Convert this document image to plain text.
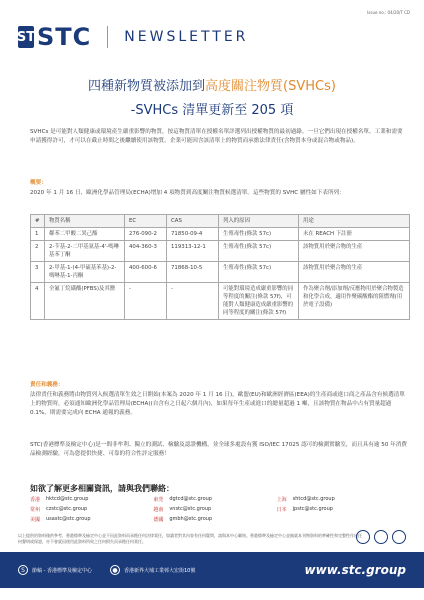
Issue no.: 04/20/T CD
ST STC NEWSLETTER
四種新物質被添加到高度關注物質(SVHCs)
-SVHCs 清單更新至 205 項
SVHCs 是可能對人類健康或環境產生嚴重影響的物質，按這物質清單在授權名單評選列出授權物質的最初過錄。一旦它們出現在授權名單，工業和需要申請獲得許可，才可以在截止時間之後繼續使用該物質。企業可能因含該清單上的物質而承擔法律責任(含物質本身或混合物或物品)。
概要：
2020 年 1 月 16 日，歐洲化學品管理局(ECHA)增加 4 項物質到高度關注物質候選清單。這些物質的 SVHC 屬性如下表所列：
#	物質名稱	EC	CAS	列入的原因	用途
1	鄰苯二甲酸二異己酯	276-090-2	71850-09-4	生殖毒性(條款 57c)	未在 REACH 下註冊
2	2-苄基-2-二甲基氨基-4'-嗎啉基苯丁酮	404-360-3	119313-12-1	生殖毒性(條款 57c)	該物質用於聚合物的生產
3	2-甲基-1-(4-甲硫基苯基)-2-嗎啉基-1-丙酮	400-600-6	71868-10-5	生殖毒性(條款 57c)	該物質用於聚合物的生產
4	全氟丁烷磺酸(PFBS)及其鹽	-	-	可能對環境造成嚴重影響的同等程度的關注(條款 57f)，可能對人類健康造成嚴重影響的同等程度的關注(條款 57f)	作為聚合劑/添加劑/反應物用於聚合物製造和化學合成，適用作聚碳酸酯的阻燃劑(用於電子設備)
責任和義務：
法律責任和義務將由物質列入候選清單生效之日開始(本案為 2020 年 1 月 16 日)，歐盟(EU)和歐洲經濟區(EEA)的生產商或進口商之產品含有候選清單上的物質時，必須通知歐洲化學品管理局(ECHA)(自含有之日起六個月內)，如果每年生產或進口的總量超過 1 噸，且該物質在物品中占有質量超過 0.1%，則需要完成向 ECHA 通報的義務。
STC(香港標準及檢定中心)是一間非牟利、獨立的測試、檢驗及認證機構，並全球多處設有獲 ISO/IEC 17025 認可的檢測實驗室，而且具有逾 50 年消費品檢測經驗，可為您提供快捷、可靠的符合性評定服務！
如欲了解更多相關資訊，請與我們聯絡：
香港	hktcd@stc.group	東莞	dgtcd@stc.group	上海	shtcd@stc.group
常州	czstc@stc.group	越南	vnstc@stc.group	日本	jpstc@stc.group
美國	usastc@stc.group	德國	gmbh@stc.group
以上提供的資料僅供參考，香港標準及檢定中心並不因此資料而承擔任何法律責任，如讀者對其內容有任何疑問，請與本中心聯絡。香港標準及檢定中心並無就本刊物資料的準確性和完整性作出任何聲明或保證，亦不會就因使用此資料所致之任何損失而承擔任何責任。
S	節稿 - 香港標準及檢定中心	●	香港新界大埔工業邨大宏街10號	www.stc.group
